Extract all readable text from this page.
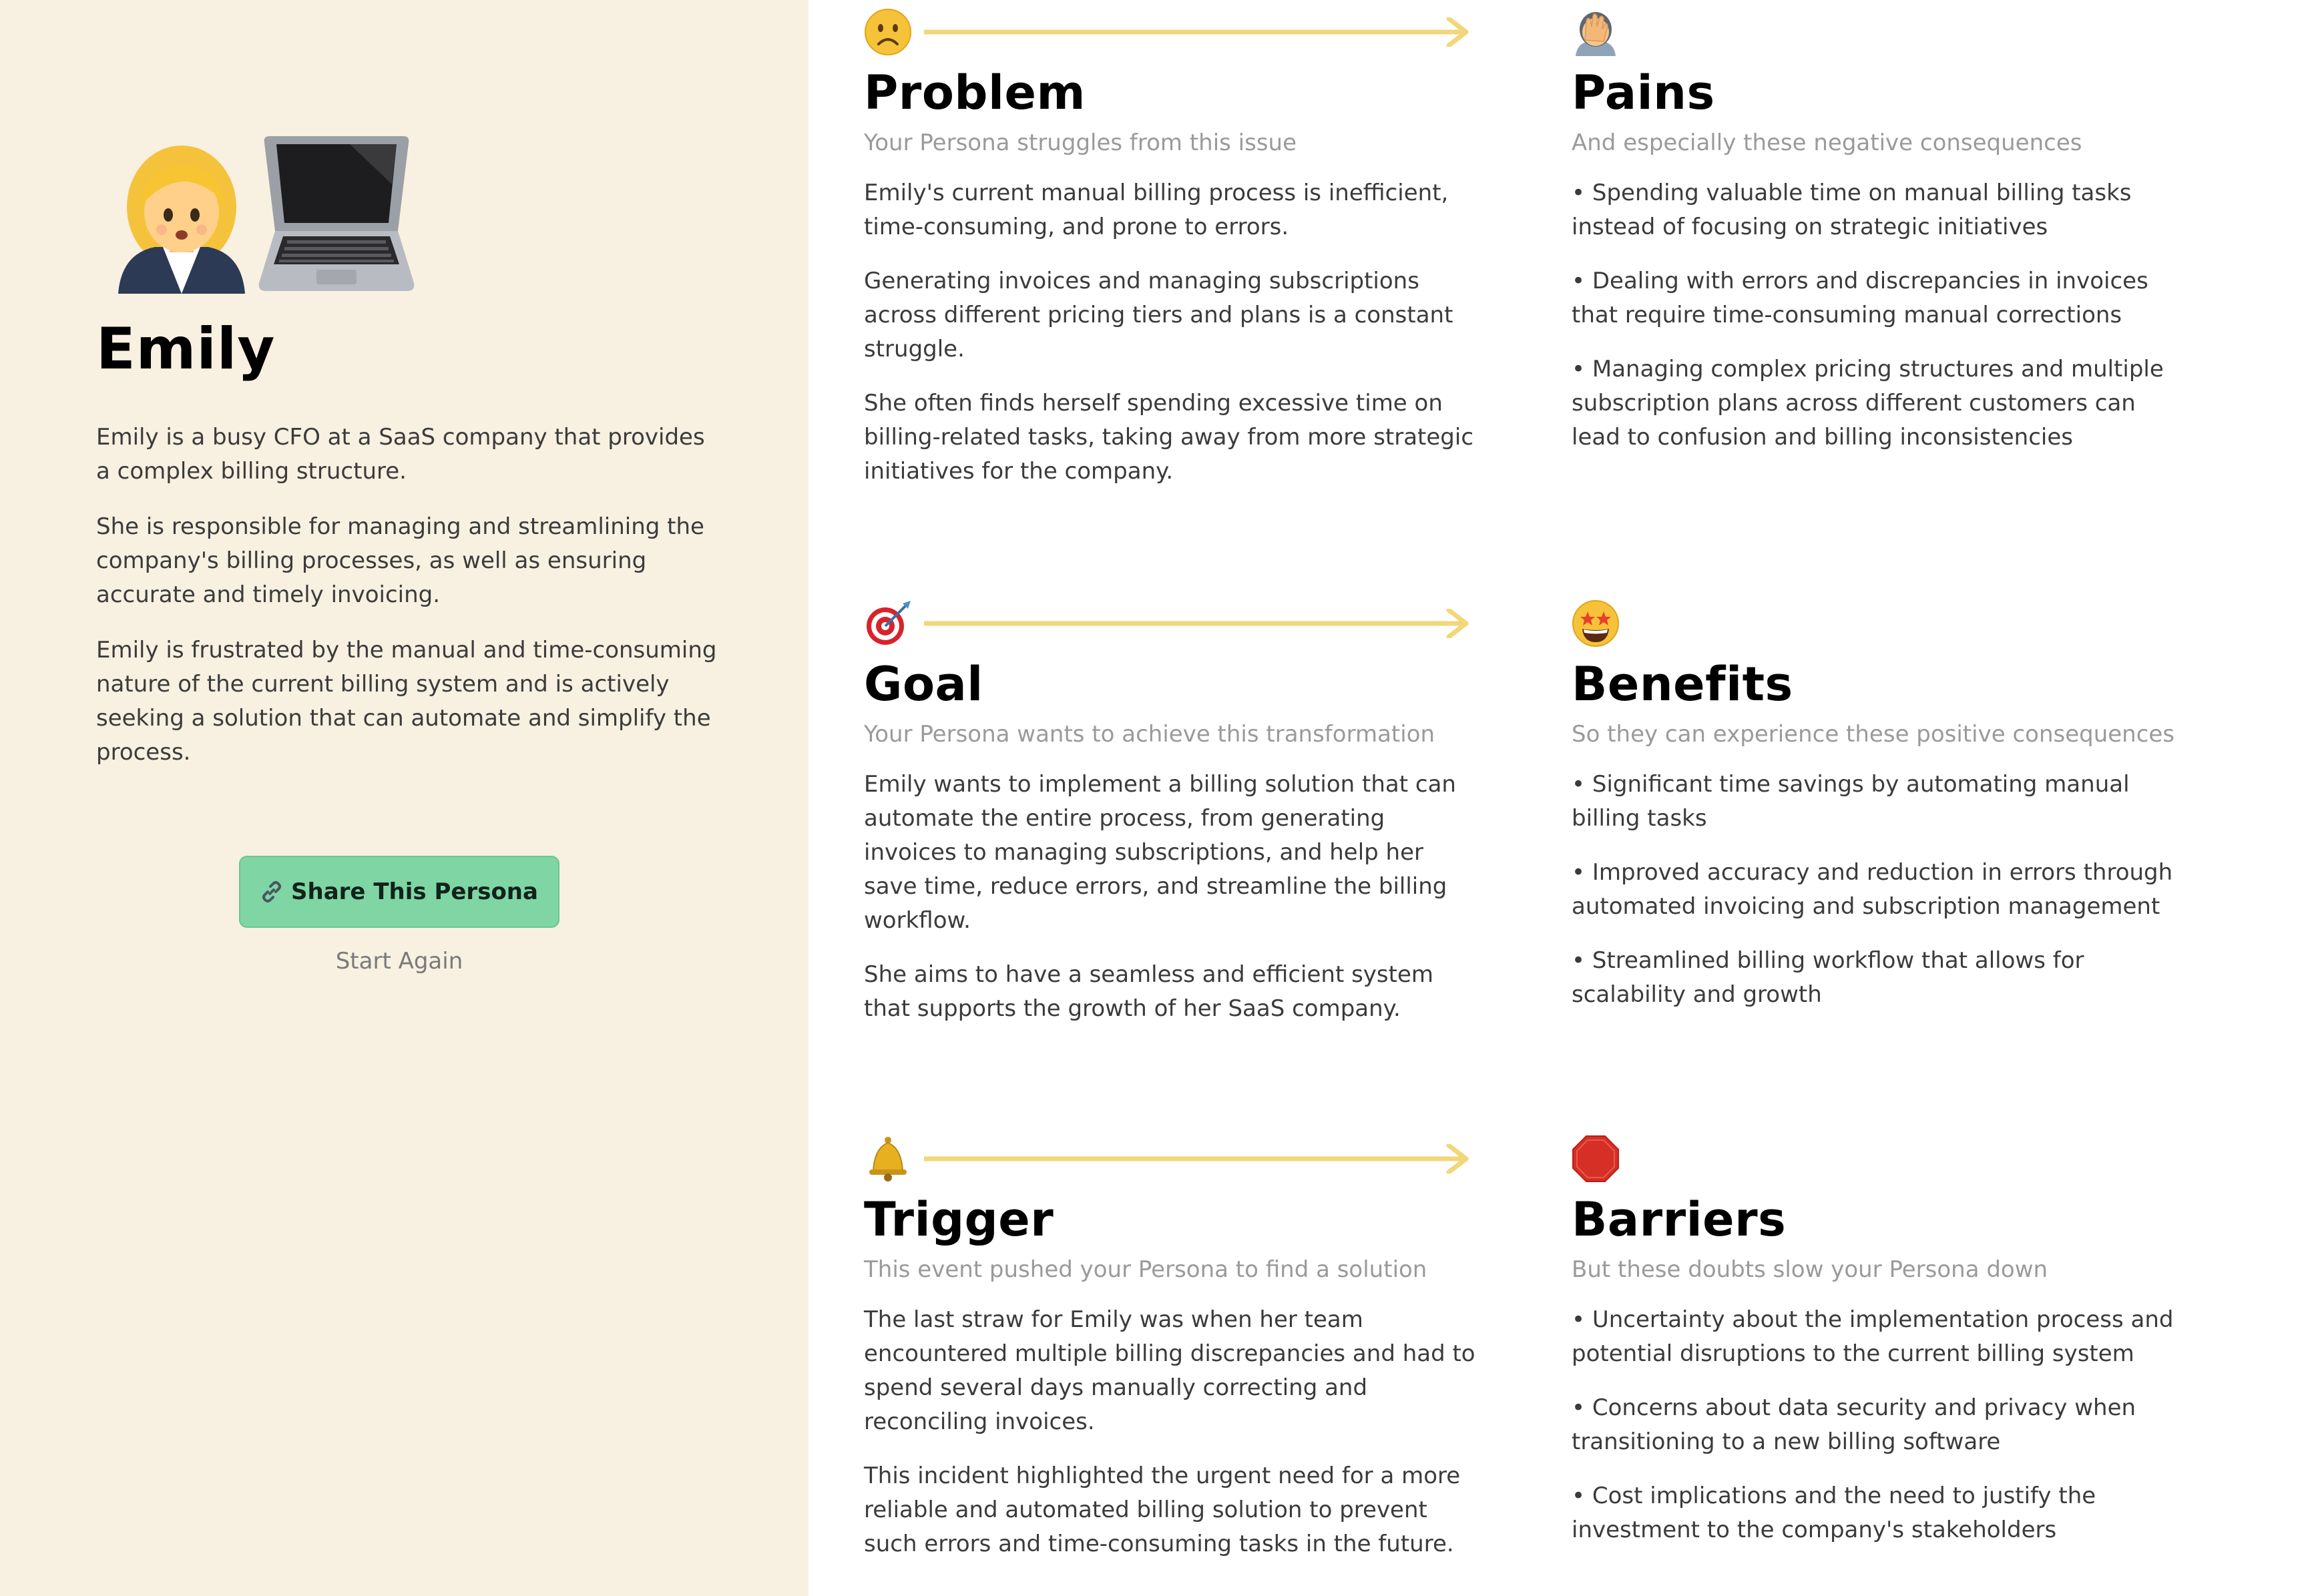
Emily

Emily is a busy CFO at a SaaS company that provides a complex billing structure.

She is responsible for managing and streamlining the company's billing processes, as well as ensuring accurate and timely invoicing.

Emily is frustrated by the manual and time-consuming nature of the current billing system and is actively seeking a solution that can automate and simplify the process.

Share This Persona
Start Again
Problem
Your Persona struggles from this issue

Emily's current manual billing process is inefficient, time-consuming, and prone to errors.

Generating invoices and managing subscriptions across different pricing tiers and plans is a constant struggle.

She often finds herself spending excessive time on billing-related tasks, taking away from more strategic initiatives for the company.

Pains
And especially these negative consequences

• Spending valuable time on manual billing tasks instead of focusing on strategic initiatives

• Dealing with errors and discrepancies in invoices that require time-consuming manual corrections

• Managing complex pricing structures and multiple subscription plans across different customers can lead to confusion and billing inconsistencies

Goal
Your Persona wants to achieve this transformation

Emily wants to implement a billing solution that can automate the entire process, from generating invoices to managing subscriptions, and help her save time, reduce errors, and streamline the billing workflow.

She aims to have a seamless and efficient system that supports the growth of her SaaS company.

Benefits
So they can experience these positive consequences

• Significant time savings by automating manual billing tasks

• Improved accuracy and reduction in errors through automated invoicing and subscription management

• Streamlined billing workflow that allows for scalability and growth

Trigger
This event pushed your Persona to find a solution

The last straw for Emily was when her team encountered multiple billing discrepancies and had to spend several days manually correcting and reconciling invoices.

This incident highlighted the urgent need for a more reliable and automated billing solution to prevent such errors and time-consuming tasks in the future.

Barriers
But these doubts slow your Persona down

• Uncertainty about the implementation process and potential disruptions to the current billing system

• Concerns about data security and privacy when transitioning to a new billing software

• Cost implications and the need to justify the investment to the company's stakeholders
